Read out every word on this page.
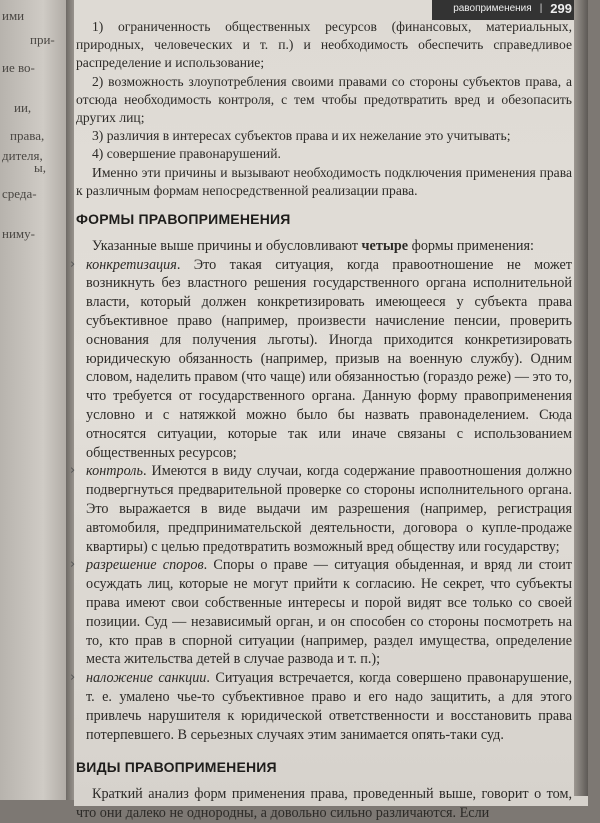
ими
при-
ие во-
ии,
права,
дителя,
ы,
среда-
ниму-
равоприменения | 299

1) ограниченность общественных ресурсов (финансовых, материальных, природных, человеческих и т. п.) и необходимость обеспечить справедливое распределение и использование;

2) возможность злоупотребления своими правами со стороны субъектов права, а отсюда необходимость контроля, с тем чтобы предотвратить вред и обезопасить других лиц;

3) различия в интересах субъектов права и их нежелание это учитывать;

4) совершение правонарушений.

Именно эти причины и вызывают необходимость подключения применения права к различным формам непосредственной реализации права.

ФОРМЫ ПРАВОПРИМЕНЕНИЯ

Указанные выше причины и обусловливают четыре формы применения:

› конкретизация. Это такая ситуация, когда правоотношение не может возникнуть без властного решения государственного органа исполнительной власти, который должен конкретизировать имеющееся у субъекта права субъективное право (например, произвести начисление пенсии, проверить основания для получения льготы). Иногда приходится конкретизировать юридическую обязанность (например, призыв на военную службу). Одним словом, наделить правом (что чаще) или обязанностью (гораздо реже) — это то, что требуется от государственного органа. Данную форму правоприменения условно и с натяжкой можно было бы назвать правонаделением. Сюда относятся ситуации, которые так или иначе связаны с использованием общественных ресурсов;

› контроль. Имеются в виду случаи, когда содержание правоотношения должно подвергнуться предварительной проверке со стороны исполнительного органа. Это выражается в виде выдачи им разрешения (например, регистрация автомобиля, предпринимательской деятельности, договора о купле-продаже квартиры) с целью предотвратить возможный вред обществу или государству;

› разрешение споров. Споры о праве — ситуация обыденная, и вряд ли стоит осуждать лиц, которые не могут прийти к согласию. Не секрет, что субъекты права имеют свои собственные интересы и порой видят все только со своей позиции. Суд — независимый орган, и он способен со стороны посмотреть на то, кто прав в спорной ситуации (например, раздел имущества, определение места жительства детей в случае развода и т. п.);

› наложение санкции. Ситуация встречается, когда совершено правонарушение, т. е. умалено чье-то субъективное право и его надо защитить, а для этого привлечь нарушителя к юридической ответственности и восстановить права потерпевшего. В серьезных случаях этим занимается опять-таки суд.

ВИДЫ ПРАВОПРИМЕНЕНИЯ

Краткий анализ форм применения права, проведенный выше, говорит о том, что они далеко не однородны, а довольно сильно различаются. Если
